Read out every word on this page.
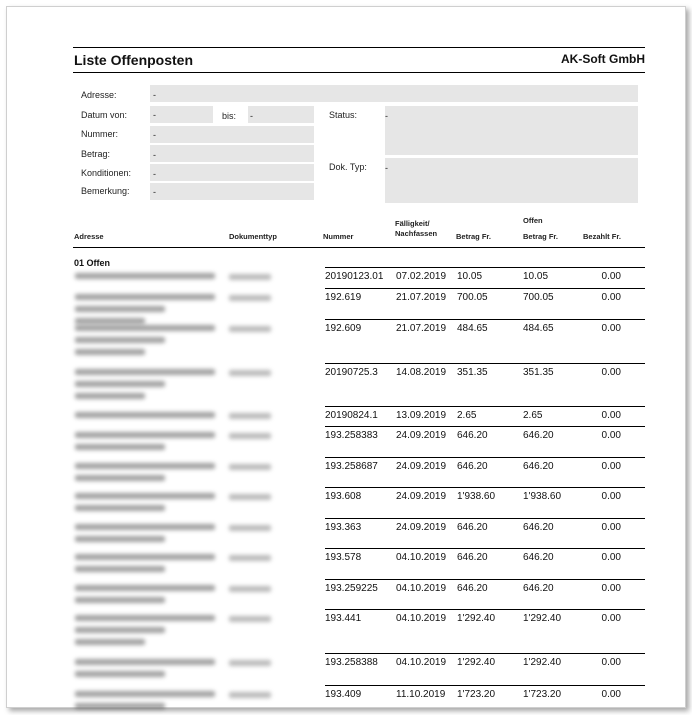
Liste Offenposten	AK-Soft GmbH
Adresse:	-
Datum von:	-	bis: -
Nummer:	-
Betrag:	-
Konditionen: -
Bemerkung:	-
Status:	-
Dok. Typ: -
Adresse	Dokumenttyp	Nummer
Fälligkeit/
Nachfassen	Betrag Fr.
Offen
Betrag Fr.	Bezahlt Fr.
01 Offen
20190123.01 07.02.2019 10.05	10.05	0.00
192.619	21.07.2019 700.05	700.05	0.00
192.609	21.07.2019 484.65	484.65	0.00
20190725.3 14.08.2019 351.35	351.35	0.00
20190824.1 13.09.2019 2.65	2.65	0.00
193.258383 24.09.2019 646.20	646.20	0.00
193.258687 24.09.2019 646.20	646.20	0.00
193.608	24.09.2019 1'938.60	1'938.60	0.00
193.363	24.09.2019 646.20	646.20	0.00
193.578	04.10.2019 646.20	646.20	0.00
193.259225 04.10.2019 646.20	646.20	0.00
193.441	04.10.2019 1'292.40	1'292.40	0.00
193.258388 04.10.2019 1'292.40	1'292.40	0.00
193.409	11.10.2019 1'723.20	1'723.20	0.00
